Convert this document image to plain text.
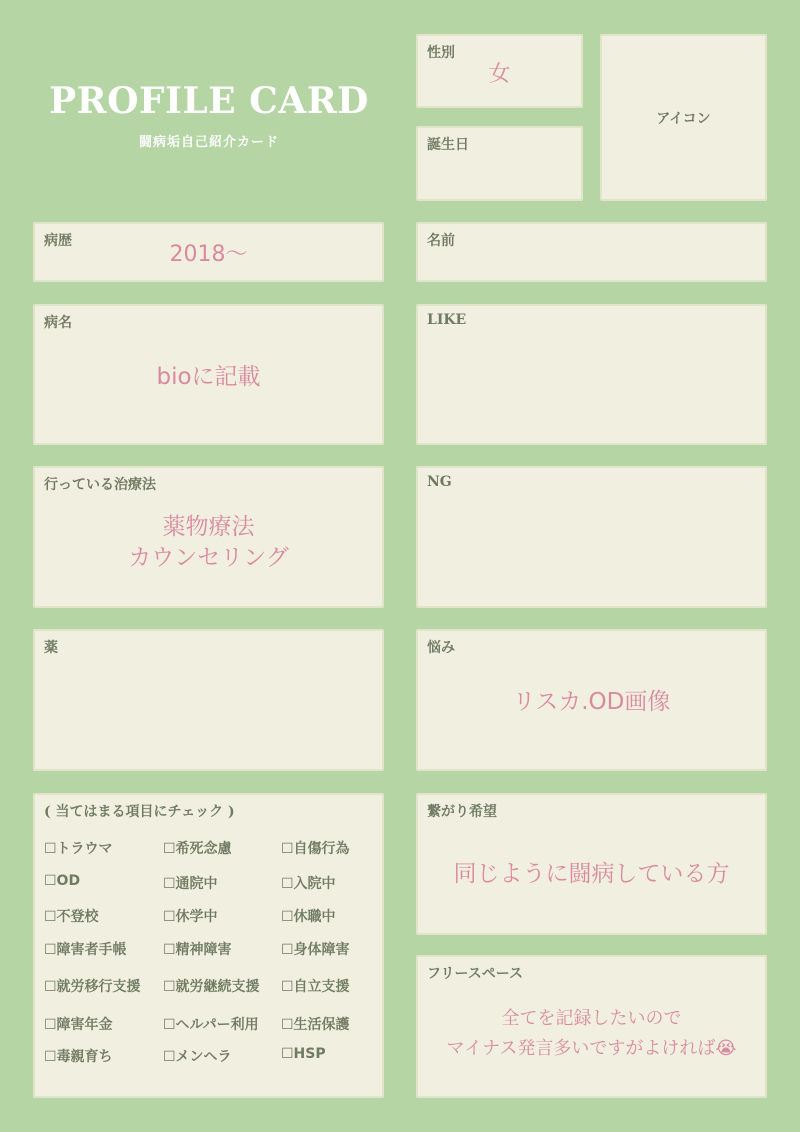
PROFILE CARD
闘病垢自己紹介カード
性別
女
誕生日
アイコン
病歴
2018〜
名前
病名
bioに記載
LIKE
行っている治療法
薬物療法
カウンセリング
NG
薬	悩み
リスカ.OD画像
( 当てはまる項目にチェック )
☐トラウマ	☐希死念慮	☐自傷行為
☐OD	☐通院中	☐入院中
☐不登校	☐休学中	☐休職中
☐障害者手帳	☐精神障害	☐身体障害
☐就労移行支援 ☐就労継続支援 ☐自立支援
☐障害年金	☐ヘルパー利用 ☐生活保護
☐毒親育ち	☐メンヘラ	☐HSP
繋がり希望
同じように闘病している方
フリースペース
全てを記録したいので
マイナス発言多いですがよければ😭
